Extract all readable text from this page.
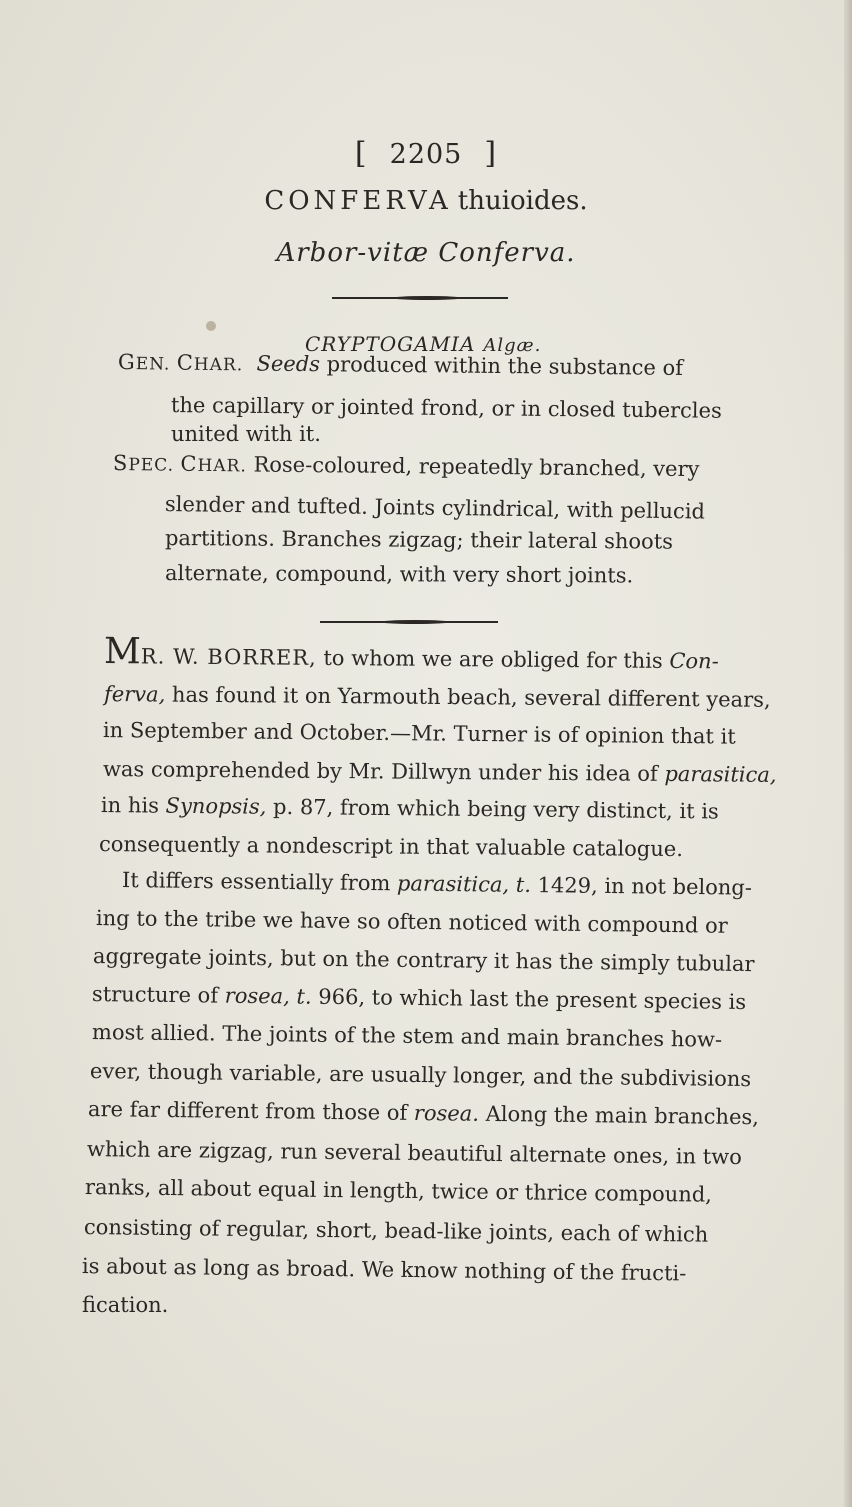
[ 2205 ]
CONFERVA thuioides.
Arbor-vitæ Conferva.
CRYPTOGAMIA Algæ.
GEN. CHAR. Seeds produced within the substance of
the capillary or jointed frond, or in closed tubercles
united with it.
SPEC. CHAR. Rose-coloured, repeatedly branched, very
slender and tufted. Joints cylindrical, with pellucid
partitions. Branches zigzag; their lateral shoots
alternate, compound, with very short joints.
MR. W. BORRER, to whom we are obliged for this Con-
ferva, has found it on Yarmouth beach, several different years,
in September and October.—Mr. Turner is of opinion that it
was comprehended by Mr. Dillwyn under his idea of parasitica,
in his Synopsis, p. 87, from which being very distinct, it is
consequently a nondescript in that valuable catalogue.
It differs essentially from parasitica, t. 1429, in not belong-
ing to the tribe we have so often noticed with compound or
aggregate joints, but on the contrary it has the simply tubular
structure of rosea, t. 966, to which last the present species is
most allied. The joints of the stem and main branches how-
ever, though variable, are usually longer, and the subdivisions
are far different from those of rosea. Along the main branches,
which are zigzag, run several beautiful alternate ones, in two
ranks, all about equal in length, twice or thrice compound,
consisting of regular, short, bead-like joints, each of which
is about as long as broad. We know nothing of the fructi-
fication.
